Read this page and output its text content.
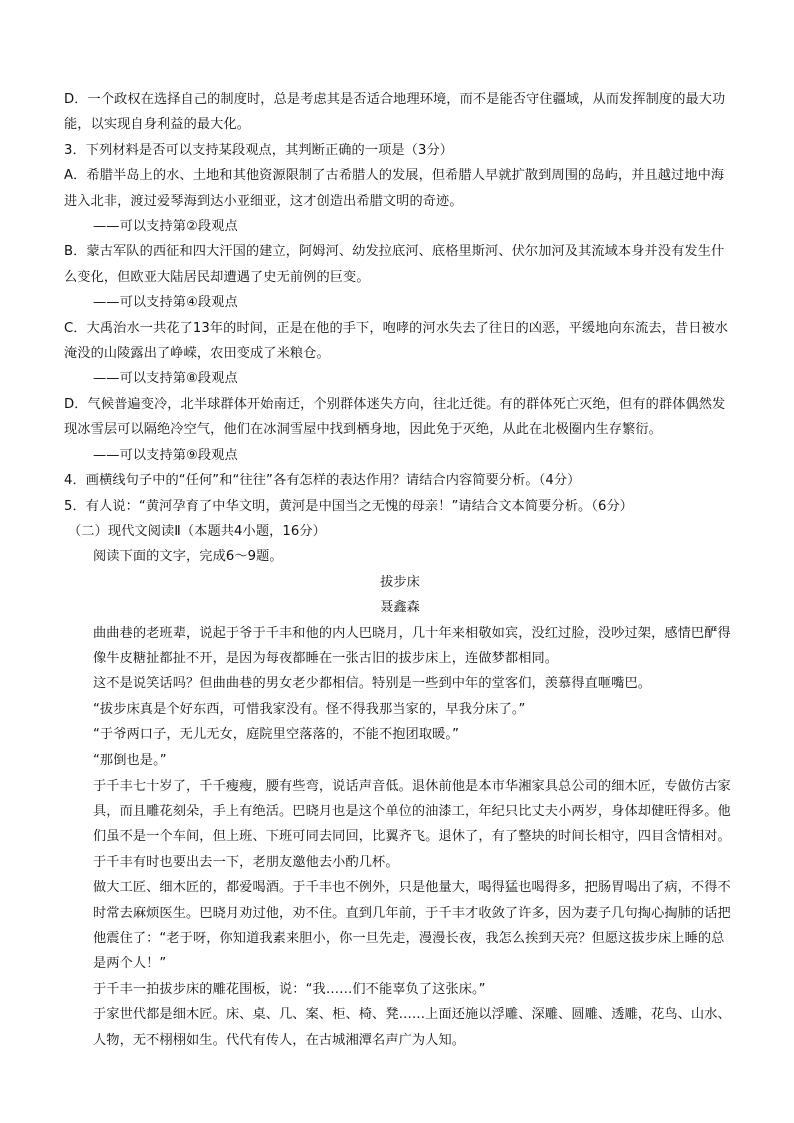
D．一个政权在选择自己的制度时，总是考虑其是否适合地理环境，而不是能否守住疆域，从而发挥制度的最大功能，以实现自身利益的最大化。

3．下列材料是否可以支持某段观点，其判断正确的一项是（3分）

A．希腊半岛上的水、土地和其他资源限制了古希腊人的发展，但希腊人早就扩散到周围的岛屿，并且越过地中海进入北非，渡过爱琴海到达小亚细亚，这才创造出希腊文明的奇迹。

——可以支持第②段观点

B．蒙古军队的西征和四大汗国的建立，阿姆河、幼发拉底河、底格里斯河、伏尔加河及其流域本身并没有发生什么变化，但欧亚大陆居民却遭遇了史无前例的巨变。

——可以支持第④段观点

C．大禹治水一共花了13年的时间，正是在他的手下，咆哮的河水失去了往日的凶恶，平缓地向东流去，昔日被水淹没的山陵露出了峥嵘，农田变成了米粮仓。

——可以支持第⑧段观点

D．气候普遍变冷，北半球群体开始南迁，个别群体迷失方向，往北迁徙。有的群体死亡灭绝，但有的群体偶然发现冰雪层可以隔绝冷空气，他们在冰洞雪屋中找到栖身地，因此免于灭绝，从此在北极圈内生存繁衍。

——可以支持第⑨段观点

4．画横线句子中的“任何”和“往往”各有怎样的表达作用？请结合内容简要分析。（4分）

5．有人说：“黄河孕育了中华文明，黄河是中国当之无愧的母亲！”请结合文本简要分析。（6分）

（二）现代文阅读Ⅱ（本题共4小题，16分）

阅读下面的文字，完成6～9题。

拔步床

聂鑫森

曲曲巷的老班辈，说起于爷于千丰和他的内人巴晓月，几十年来相敬如宾，没红过脸，没吵过架，感情巴酽得像牛皮糖扯都扯不开，是因为每夜都睡在一张古旧的拔步床上，连做梦都相同。

这不是说笑话吗？但曲曲巷的男女老少都相信。特别是一些到中年的堂客们，羡慕得直咂嘴巴。

“拔步床真是个好东西，可惜我家没有。怪不得我那当家的，早我分床了。”

“于爷两口子，无儿无女，庭院里空落落的，不能不抱团取暖。”

“那倒也是。”

于千丰七十岁了，千千瘦瘦，腰有些弯，说话声音低。退休前他是本市华湘家具总公司的细木匠，专做仿古家具，而且雕花刻朵，手上有绝活。巴晓月也是这个单位的油漆工，年纪只比丈夫小两岁，身体却健旺得多。他们虽不是一个车间，但上班、下班可同去同回，比翼齐飞。退休了，有了整块的时间长相守，四目含情相对。于千丰有时也要出去一下，老朋友邀他去小酌几杯。

做大工匠、细木匠的，都爱喝酒。于千丰也不例外，只是他量大，喝得猛也喝得多，把肠胃喝出了病，不得不时常去麻烦医生。巴晓月劝过他，劝不住。直到几年前，于千丰才收敛了许多，因为妻子几句掏心掏肺的话把他震住了：“老于呀，你知道我素来胆小，你一旦先走，漫漫长夜，我怎么挨到天亮？但愿这拔步床上睡的总是两个人！”

于千丰一拍拔步床的雕花围板，说：“我……们不能辜负了这张床。”

于家世代都是细木匠。床、桌、几、案、柜、椅、凳……上面还施以浮雕、深雕、圆雕、透雕，花鸟、山水、人物，无不栩栩如生。代代有传人，在古城湘潭名声广为人知。
